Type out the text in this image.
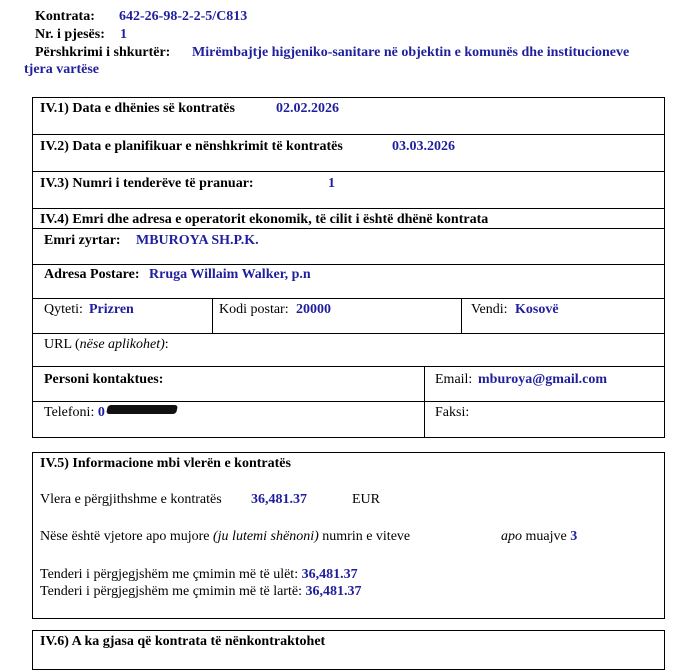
Kontrata: 642-26-98-2-2-5/C813
Nr. i pjesës: 1
Përshkrimi i shkurtër: Mirëmbajtje higjeniko-sanitare në objektin e komunës dhe institucioneve
tjera vartëse
IV.1) Data e dhënies së kontratës	02.02.2026
IV.2) Data e planifikuar e nënshkrimit të kontratës	03.03.2026
IV.3) Numri i tenderëve të pranuar:	1
IV.4) Emri dhe adresa e operatorit ekonomik, të cilit i është dhënë kontrata
Emri zyrtar: MBUROYA SH.P.K.
Adresa Postare: Rruga Willaim Walker, p.n
Qyteti: Prizren	Kodi postar: 20000	Vendi: Kosovë
URL (nëse aplikohet):
Personi kontaktues:	Email: mburoya@gmail.com
Telefoni: 0	Faksi:
IV.5) Informacione mbi vlerën e kontratës
Vlera e përgjithshme e kontratës 36,481.37	EUR
Nëse është vjetore apo mujore (ju lutemi shënoni) numrin e viteve	apo muajve 3
Tenderi i përgjegjshëm me çmimin më të ulët: 36,481.37
Tenderi i përgjegjshëm me çmimin më të lartë: 36,481.37
IV.6) A ka gjasa që kontrata të nënkontraktohet
